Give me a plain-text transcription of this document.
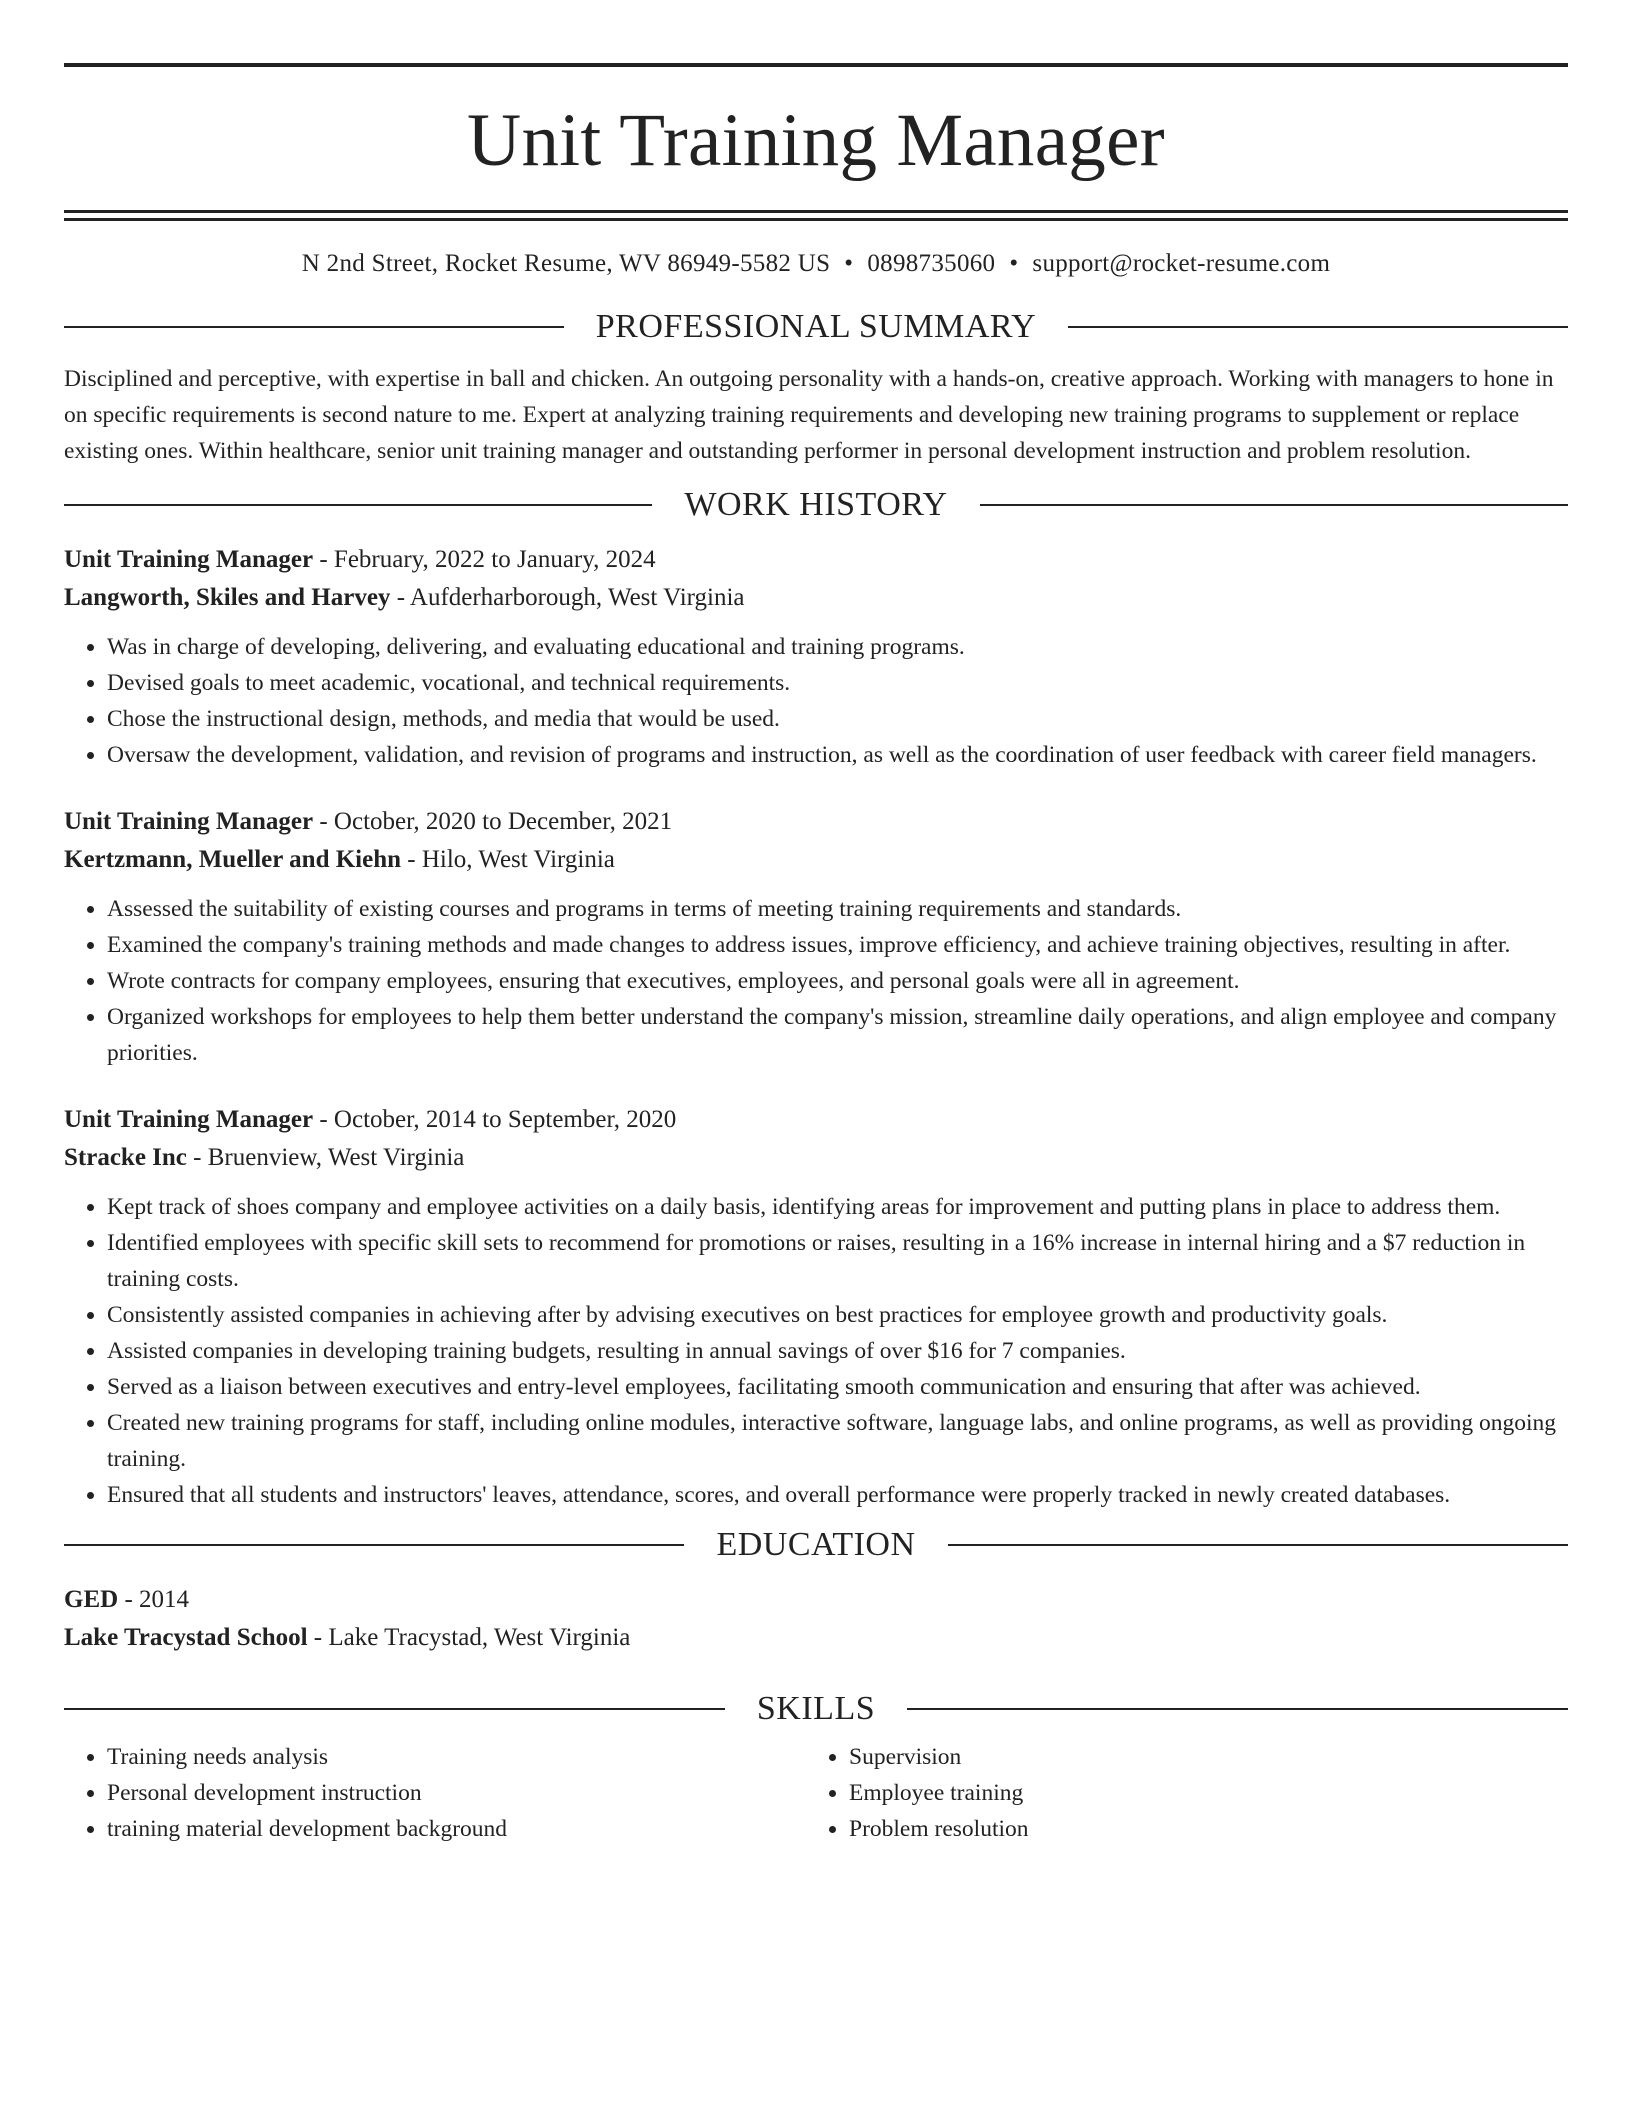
Unit Training Manager
N 2nd Street, Rocket Resume, WV 86949-5582 US • 0898735060 • support@rocket-resume.com
PROFESSIONAL SUMMARY

Disciplined and perceptive, with expertise in ball and chicken. An outgoing personality with a hands-on, creative approach. Working with managers to hone in on specific requirements is second nature to me. Expert at analyzing training requirements and developing new training programs to supplement or replace existing ones. Within healthcare, senior unit training manager and outstanding performer in personal development instruction and problem resolution.

WORK HISTORY
Unit Training Manager - February, 2022 to January, 2024
Langworth, Skiles and Harvey - Aufderharborough, West Virginia
• Was in charge of developing, delivering, and evaluating educational and training programs.
• Devised goals to meet academic, vocational, and technical requirements.
• Chose the instructional design, methods, and media that would be used.
• Oversaw the development, validation, and revision of programs and instruction, as well as the coordination of user feedback with career field managers.
Unit Training Manager - October, 2020 to December, 2021
Kertzmann, Mueller and Kiehn - Hilo, West Virginia
• Assessed the suitability of existing courses and programs in terms of meeting training requirements and standards.
• Examined the company's training methods and made changes to address issues, improve efficiency, and achieve training objectives, resulting in after.
• Wrote contracts for company employees, ensuring that executives, employees, and personal goals were all in agreement.
• Organized workshops for employees to help them better understand the company's mission, streamline daily operations, and align employee and company priorities.
Unit Training Manager - October, 2014 to September, 2020
Stracke Inc - Bruenview, West Virginia
• Kept track of shoes company and employee activities on a daily basis, identifying areas for improvement and putting plans in place to address them.
• Identified employees with specific skill sets to recommend for promotions or raises, resulting in a 16% increase in internal hiring and a $7 reduction in training costs.
• Consistently assisted companies in achieving after by advising executives on best practices for employee growth and productivity goals.
• Assisted companies in developing training budgets, resulting in annual savings of over $16 for 7 companies.
• Served as a liaison between executives and entry-level employees, facilitating smooth communication and ensuring that after was achieved.
• Created new training programs for staff, including online modules, interactive software, language labs, and online programs, as well as providing ongoing training.
• Ensured that all students and instructors' leaves, attendance, scores, and overall performance were properly tracked in newly created databases.
EDUCATION
GED - 2014
Lake Tracystad School - Lake Tracystad, West Virginia
SKILLS
• Training needs analysis
• Personal development instruction
• training material development background
• Supervision
• Employee training
• Problem resolution
